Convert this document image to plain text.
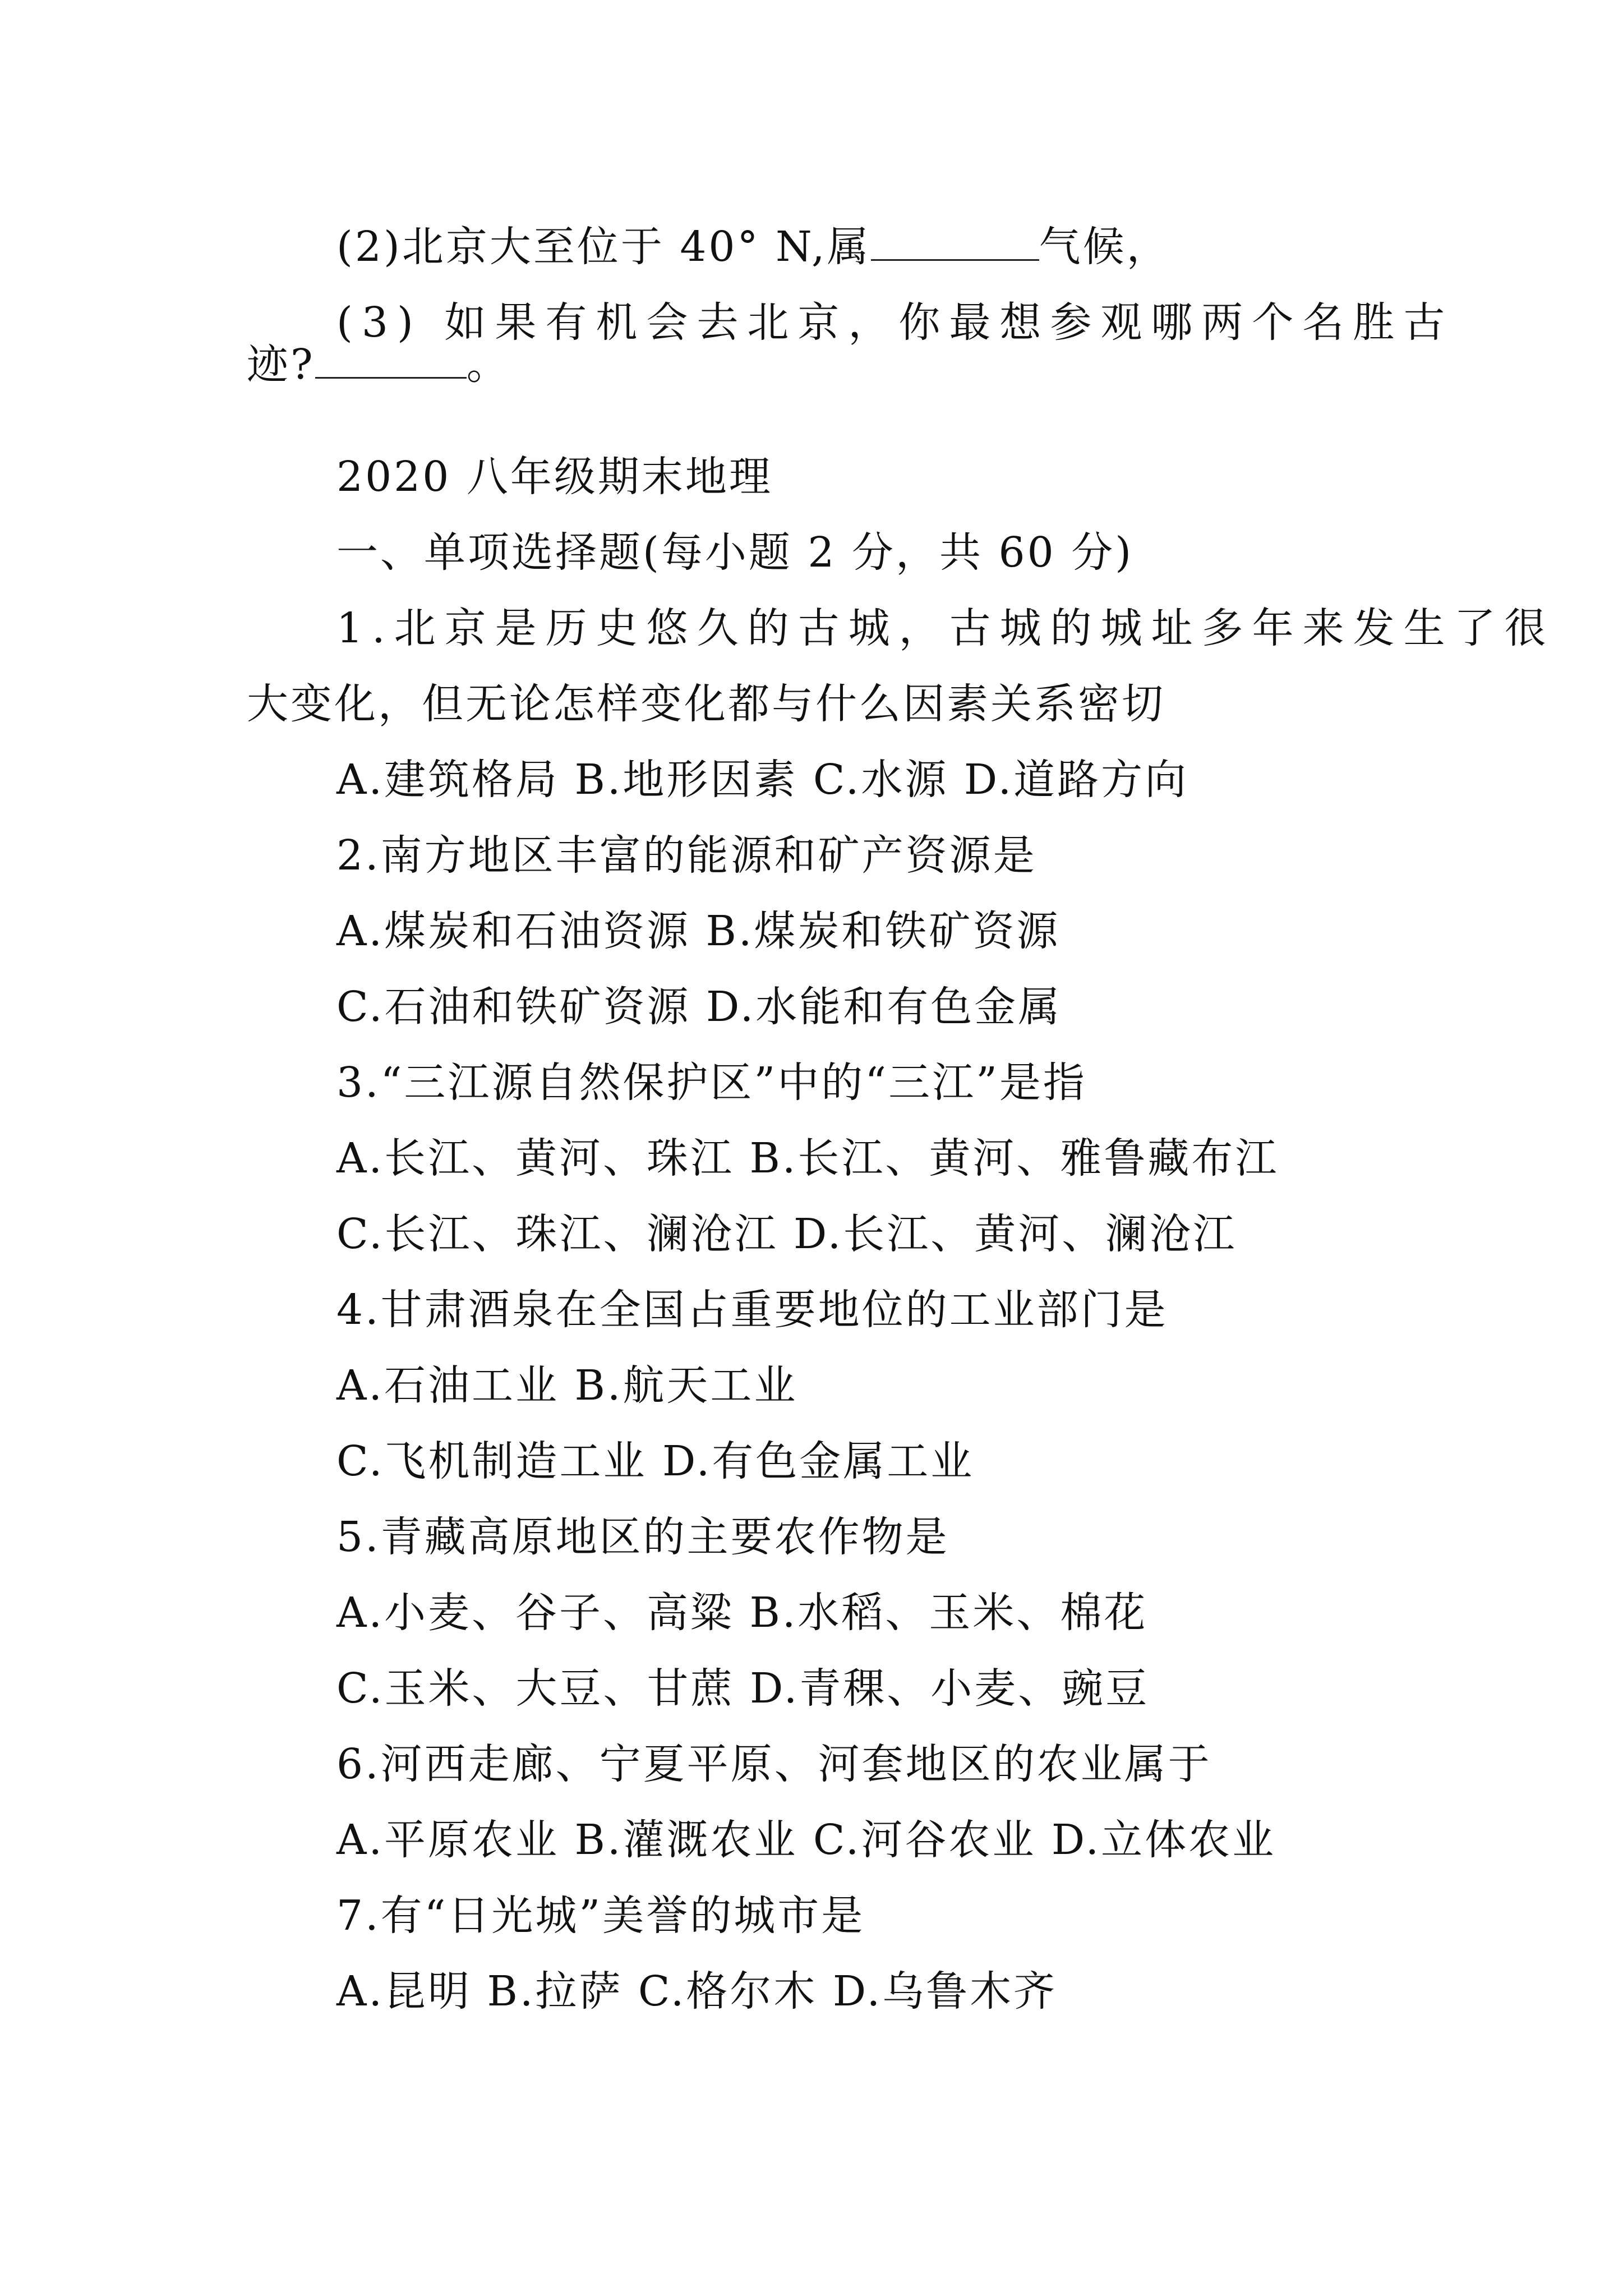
(2)北京大至位于 40° N,属	气候，
(3) 如果有机会去北京，你最想参观哪两个名胜古
迹?	。
2020 八年级期末地理
一、单项选择题(每小题 2 分，共 60 分)
1.北京是历史悠久的古城，古城的城址多年来发生了很
大变化，但无论怎样变化都与什么因素关系密切
A.建筑格局 B.地形因素 C.水源 D.道路方向
2.南方地区丰富的能源和矿产资源是
A.煤炭和石油资源 B.煤炭和铁矿资源
C.石油和铁矿资源 D.水能和有色金属
3.“三江源自然保护区”中的“三江”是指
A.长江、黄河、珠江 B.长江、黄河、雅鲁藏布江
C.长江、珠江、澜沧江 D.长江、黄河、澜沧江
4.甘肃酒泉在全国占重要地位的工业部门是
A.石油工业 B.航天工业
C.飞机制造工业 D.有色金属工业
5.青藏高原地区的主要农作物是
A.小麦、谷子、高粱 B.水稻、玉米、棉花
C.玉米、大豆、甘蔗 D.青稞、小麦、豌豆
6.河西走廊、宁夏平原、河套地区的农业属于
A.平原农业 B.灌溉农业 C.河谷农业 D.立体农业
7.有“日光城”美誉的城市是
A.昆明 B.拉萨 C.格尔木 D.乌鲁木齐
